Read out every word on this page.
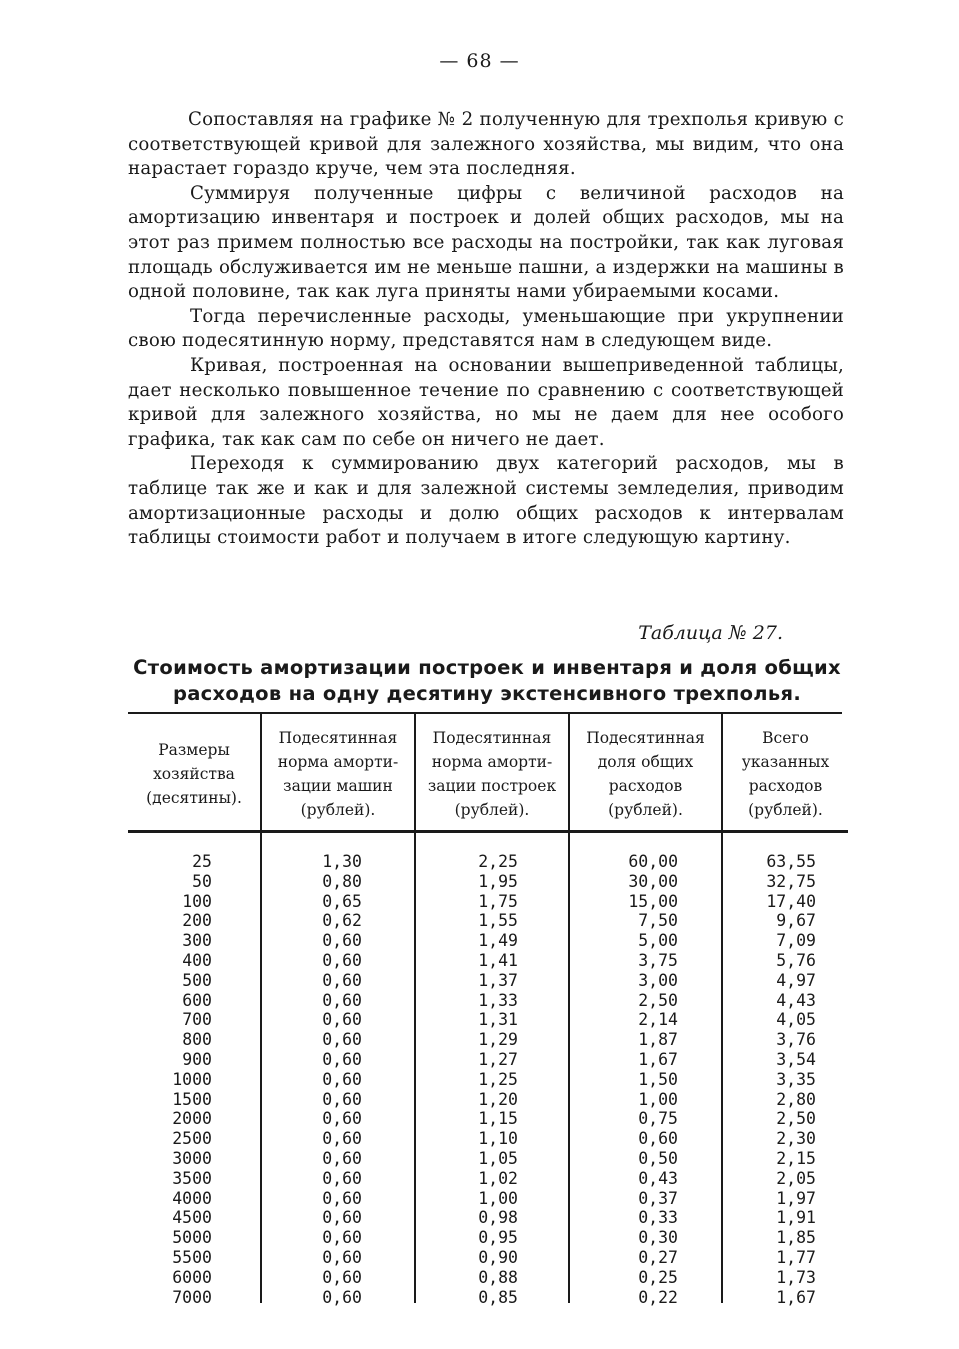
— 68 —

Сопоставляя на графике № 2 полученную для трехполья кривую с соответствующей кривой для залежного хозяйства, мы видим, что она нарастает гораздо круче, чем эта последняя.

Суммируя полученные цифры с величиной расходов на амортизацию инвентаря и построек и долей общих расходов, мы на этот раз примем полностью все расходы на постройки, так как луговая площадь обслуживается им не меньше пашни, а издержки на машины в одной половине, так как луга приняты нами убираемыми косами.

Тогда перечисленные расходы, уменьшающие при укрупнении свою подесятинную норму, представятся нам в следующем виде.

Кривая, построенная на основании вышеприведенной таблицы, дает несколько повышенное течение по сравнению с соответствующей кривой для залежного хозяйства, но мы не даем для нее особого графика, так как сам по себе он ничего не дает.

Переходя к суммированию двух категорий расходов, мы в таблице так же и как и для залежной системы земледелия, приводим амортизационные расходы и долю общих расходов к интервалам таблицы стоимости работ и получаем в итоге следующую картину.

Таблица № 27.
Стоимость амортизации построек и инвентаря и доля общих
расходов на одну десятину экстенсивного трехполья.
Размеры
хозяйства
(десятины).
Подесятинная
норма аморти-
зации машин
(рублей).
Подесятинная
норма аморти-
зации построек
(рублей).
Подесятинная
доля общих
расходов
(рублей).
Всего
указанных
расходов
(рублей).
25
50
100
200
300
400
500
600
700
800
900
1000
1500
2000
2500
3000
3500
4000
4500
5000
5500
6000
7000
1,30
0,80
0,65
0,62
0,60
0,60
0,60
0,60
0,60
0,60
0,60
0,60
0,60
0,60
0,60
0,60
0,60
0,60
0,60
0,60
0,60
0,60
0,60
2,25
1,95
1,75
1,55
1,49
1,41
1,37
1,33
1,31
1,29
1,27
1,25
1,20
1,15
1,10
1,05
1,02
1,00
0,98
0,95
0,90
0,88
0,85
60,00
30,00
15,00
7,50
5,00
3,75
3,00
2,50
2,14
1,87
1,67
1,50
1,00
0,75
0,60
0,50
0,43
0,37
0,33
0,30
0,27
0,25
0,22
63,55
32,75
17,40
9,67
7,09
5,76
4,97
4,43
4,05
3,76
3,54
3,35
2,80
2,50
2,30
2,15
2,05
1,97
1,91
1,85
1,77
1,73
1,67
